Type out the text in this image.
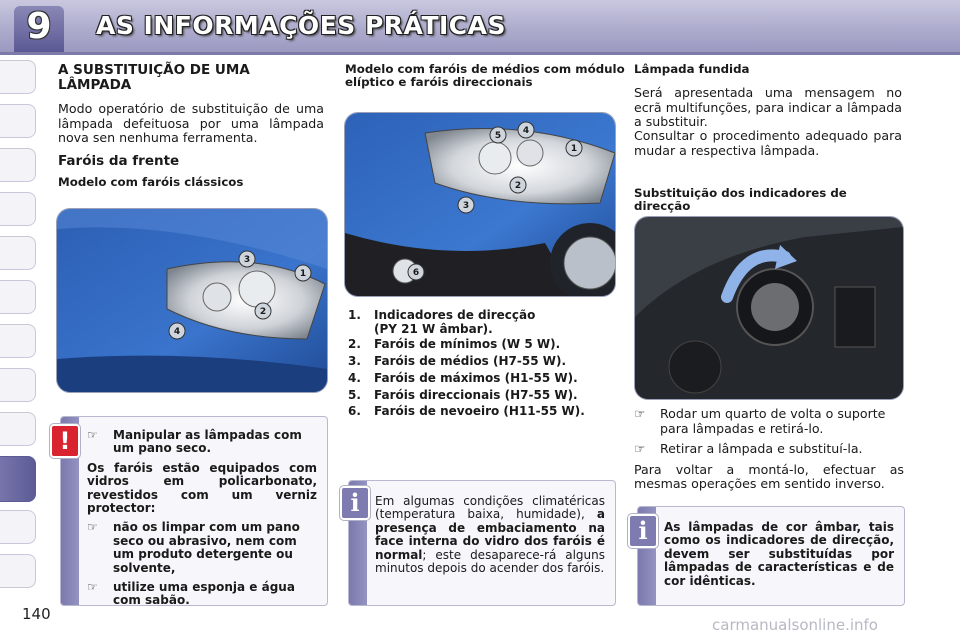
9	AS INFORMAÇÕES PRÁTICAS
A SUBSTITUIÇÃO DE UMA LÂMPADA
Modo operatório de substituição de uma lâmpada defeituosa por uma lâmpada nova sen nenhuma ferramenta.
Faróis da frente
Modelo com faróis clássicos
1
2
3
4
☞ Manipular as lâmpadas com um pano seco.
Os faróis estão equipados com vidros em policarbonato, revestidos com um verniz protector:
☞ não os limpar com um pano seco ou abrasivo, nem com um produto detergente ou solvente,
☞ utilize uma esponja e água com sabão.
!
Modelo com faróis de médios com módulo elíptico e faróis direccionais
1
2
3
4
5
6
1. Indicadores de direcção
(PY 21 W âmbar).
2. Faróis de mínimos (W 5 W).
3. Faróis de médios (H7-55 W).
4. Faróis de máximos (H1-55 W).
5. Faróis direccionais (H7-55 W).
6. Faróis de nevoeiro (H11-55 W).
Em algumas condições climatéricas (temperatura baixa, humidade), a presença de embaciamento na face interna do vidro dos faróis é normal; este desaparece-rá alguns minutos depois do acender dos faróis.
i
Lâmpada fundida
Será apresentada uma mensagem no ecrã multifunções, para indicar a lâmpada a substituir.
Consultar o procedimento adequado para mudar a respectiva lâmpada.
Substituição dos indicadores de direcção
☞ Rodar um quarto de volta o suporte para lâmpadas e retirá-lo.
☞ Retirar a lâmpada e substituí-la.
Para voltar a montá-lo, efectuar as mesmas operações em sentido inverso.
As lâmpadas de cor âmbar, tais como os indicadores de direcção, devem ser substituídas por lâmpadas de características e de cor idênticas.
i
140
carmanualsonline.info
